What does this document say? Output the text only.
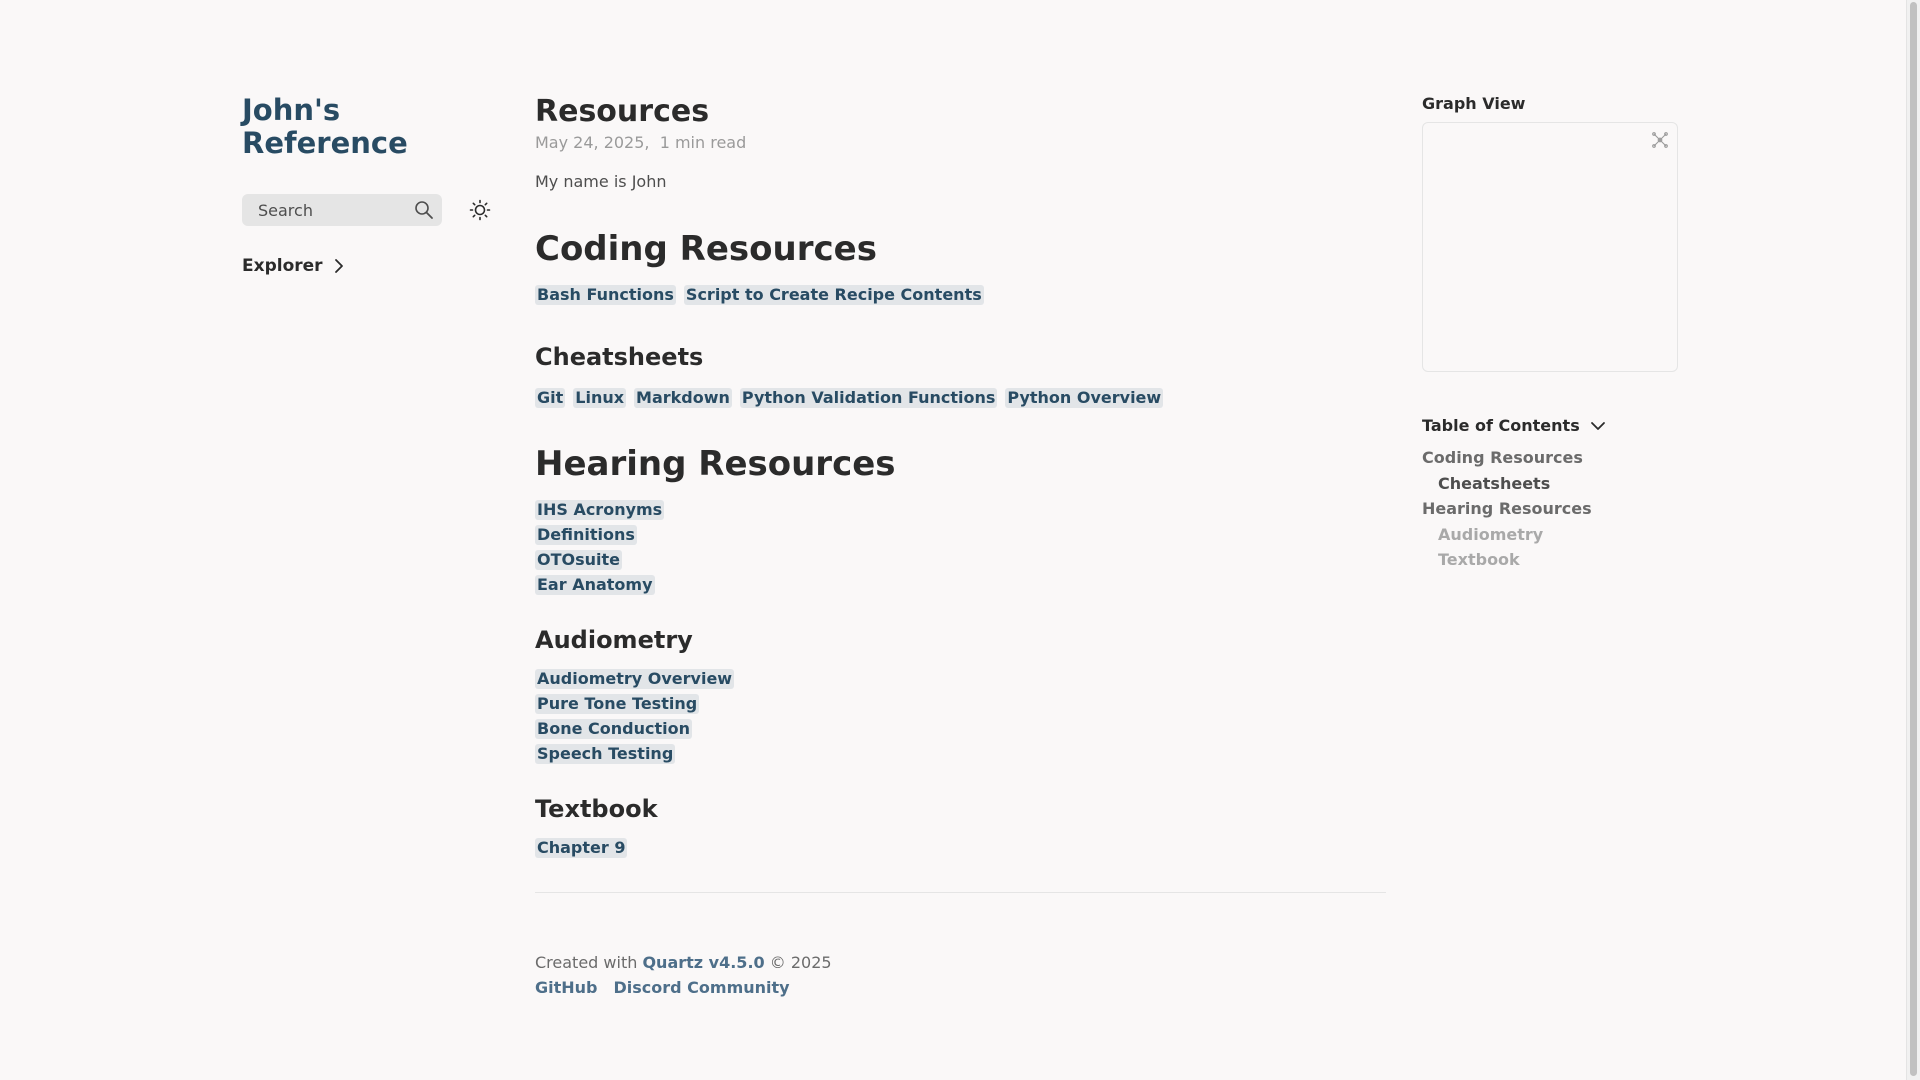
John's Reference
Search
Explorer
Resources
May 24, 2025,  1 min read
My name is John
Coding Resources
Bash Functions Script to Create Recipe Contents
Cheatsheets
Git Linux Markdown Python Validation Functions Python Overview
Hearing Resources
IHS Acronyms
Definitions
OTOsuite
Ear Anatomy
Audiometry
Audiometry Overview
Pure Tone Testing
Bone Conduction
Speech Testing
Textbook
Chapter 9
Created with Quartz v4.5.0 © 2025
GitHub Discord Community
Graph View
Table of Contents
Coding Resources
Cheatsheets
Hearing Resources
Audiometry
Textbook
